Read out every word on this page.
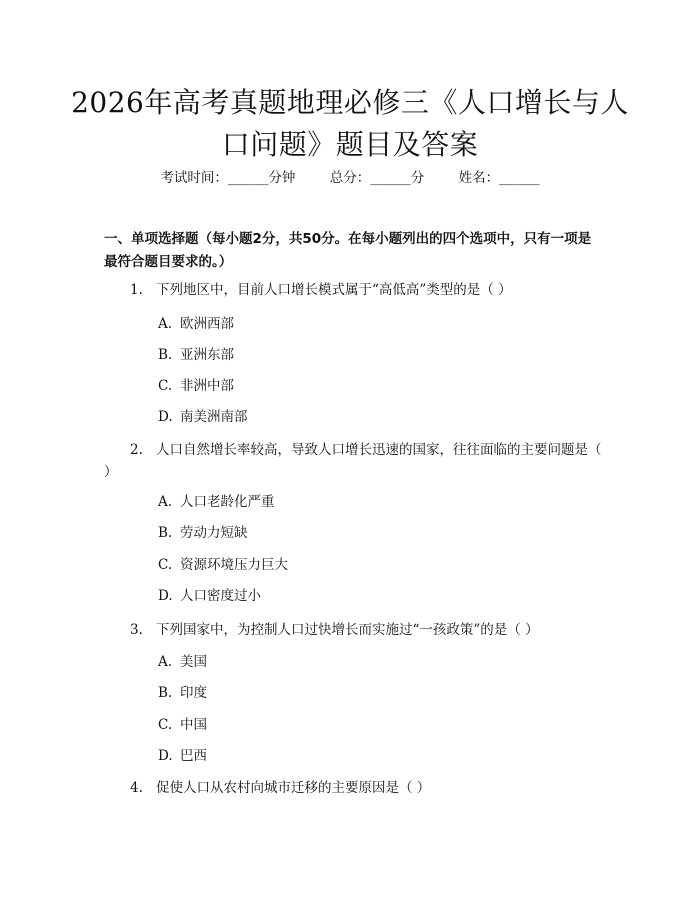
2026年高考真题地理必修三《人口增长与人
口问题》题目及答案
考试时间：______分钟	总分：______分	姓名：______
一、单项选择题（每小题2分，共50分。在每小题列出的四个选项中，只有一项是最符合题目要求的。）
1. 下列地区中，目前人口增长模式属于“高低高”类型的是（ ）
A. 欧洲西部
B. 亚洲东部
C. 非洲中部
D. 南美洲南部
2. 人口自然增长率较高，导致人口增长迅速的国家，往往面临的主要问题是（ ）
A. 人口老龄化严重
B. 劳动力短缺
C. 资源环境压力巨大
D. 人口密度过小
3. 下列国家中，为控制人口过快增长而实施过“一孩政策”的是（ ）
A. 美国
B. 印度
C. 中国
D. 巴西
4. 促使人口从农村向城市迁移的主要原因是（ ）
